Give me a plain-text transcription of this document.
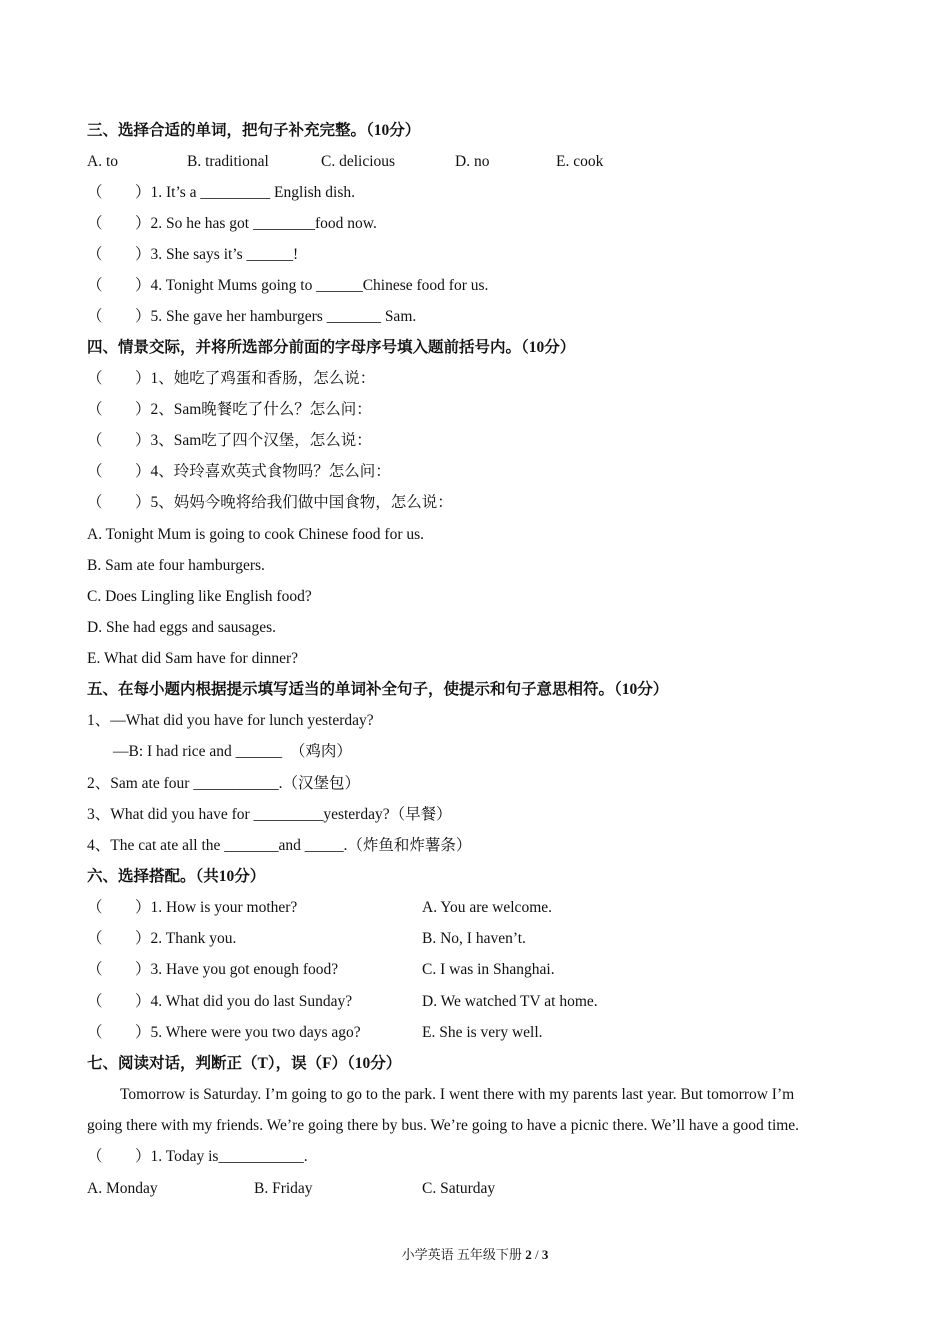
三、选择合适的单词，把句子补充完整。（10分）
A. to	B. traditional	C. delicious	D. no	E. cook
（ ）1. It’s a _________ English dish.
（ ）2. So he has got ________food now.
（ ）3. She says it’s ______!
（ ）4. Tonight Mums going to ______Chinese food for us.
（ ）5. She gave her hamburgers _______ Sam.
四、情景交际，并将所选部分前面的字母序号填入题前括号内。（10分）
（ ）1、她吃了鸡蛋和香肠，怎么说：
（ ）2、Sam晚餐吃了什么？怎么问：
（ ）3、Sam吃了四个汉堡，怎么说：
（ ）4、玲玲喜欢英式食物吗？怎么问：
（ ）5、妈妈今晚将给我们做中国食物，怎么说：
A. Tonight Mum is going to cook Chinese food for us.
B. Sam ate four hamburgers.
C. Does Lingling like English food?
D. She had eggs and sausages.
E. What did Sam have for dinner?
五、在每小题内根据提示填写适当的单词补全句子，使提示和句子意思相符。（10分）
1、—What did you have for lunch yesterday?
—B: I had rice and ______  （鸡肉）
2、Sam ate four ___________.（汉堡包）
3、What did you have for _________yesterday?（早餐）
4、The cat ate all the _______and _____.（炸鱼和炸薯条）
六、选择搭配。（共10分）
（ ）1. How is your mother?	A. You are welcome.
（ ）2. Thank you.	B. No, I haven’t.
（ ）3. Have you got enough food?	C. I was in Shanghai.
（ ）4. What did you do last Sunday?	D. We watched TV at home.
（ ）5. Where were you two days ago?	E. She is very well.
七、阅读对话，判断正（T），误（F）（10分）
Tomorrow is Saturday. I’m going to go to the park. I went there with my parents last year. But tomorrow I’m
going there with my friends. We’re going there by bus. We’re going to have a picnic there. We’ll have a good time.
（ ）1. Today is___________.
A. Monday	B. Friday	C. Saturday
小学英语 五年级下册 2 / 3
